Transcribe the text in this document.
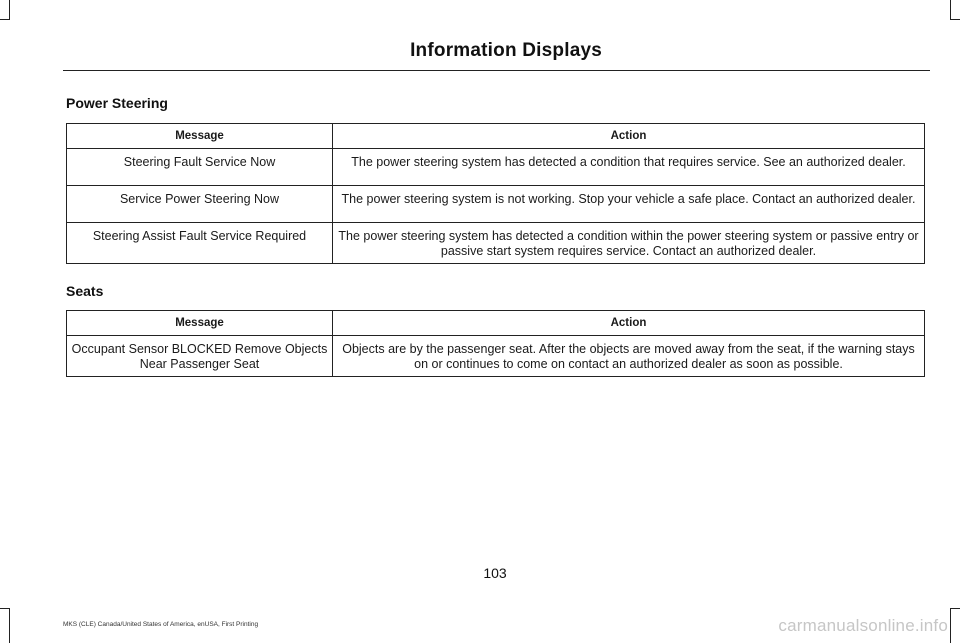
Information Displays
Power Steering
Message	Action
Steering Fault Service Now	The power steering system has detected a condition that requires service. See an authorized dealer.
Service Power Steering Now	The power steering system is not working. Stop your vehicle a safe place. Contact an authorized dealer.
Steering Assist Fault Service Required	The power steering system has detected a condition within the power steering system or passive entry or passive start system requires service. Contact an authorized dealer.
Seats
Message	Action
Occupant Sensor BLOCKED Remove Objects Near Passenger Seat	Objects are by the passenger seat. After the objects are moved away from the seat, if the warning stays on or continues to come on contact an authorized dealer as soon as possible.
103
MKS (CLE) Canada/United States of America, enUSA, First Printing	carmanualsonline.info
